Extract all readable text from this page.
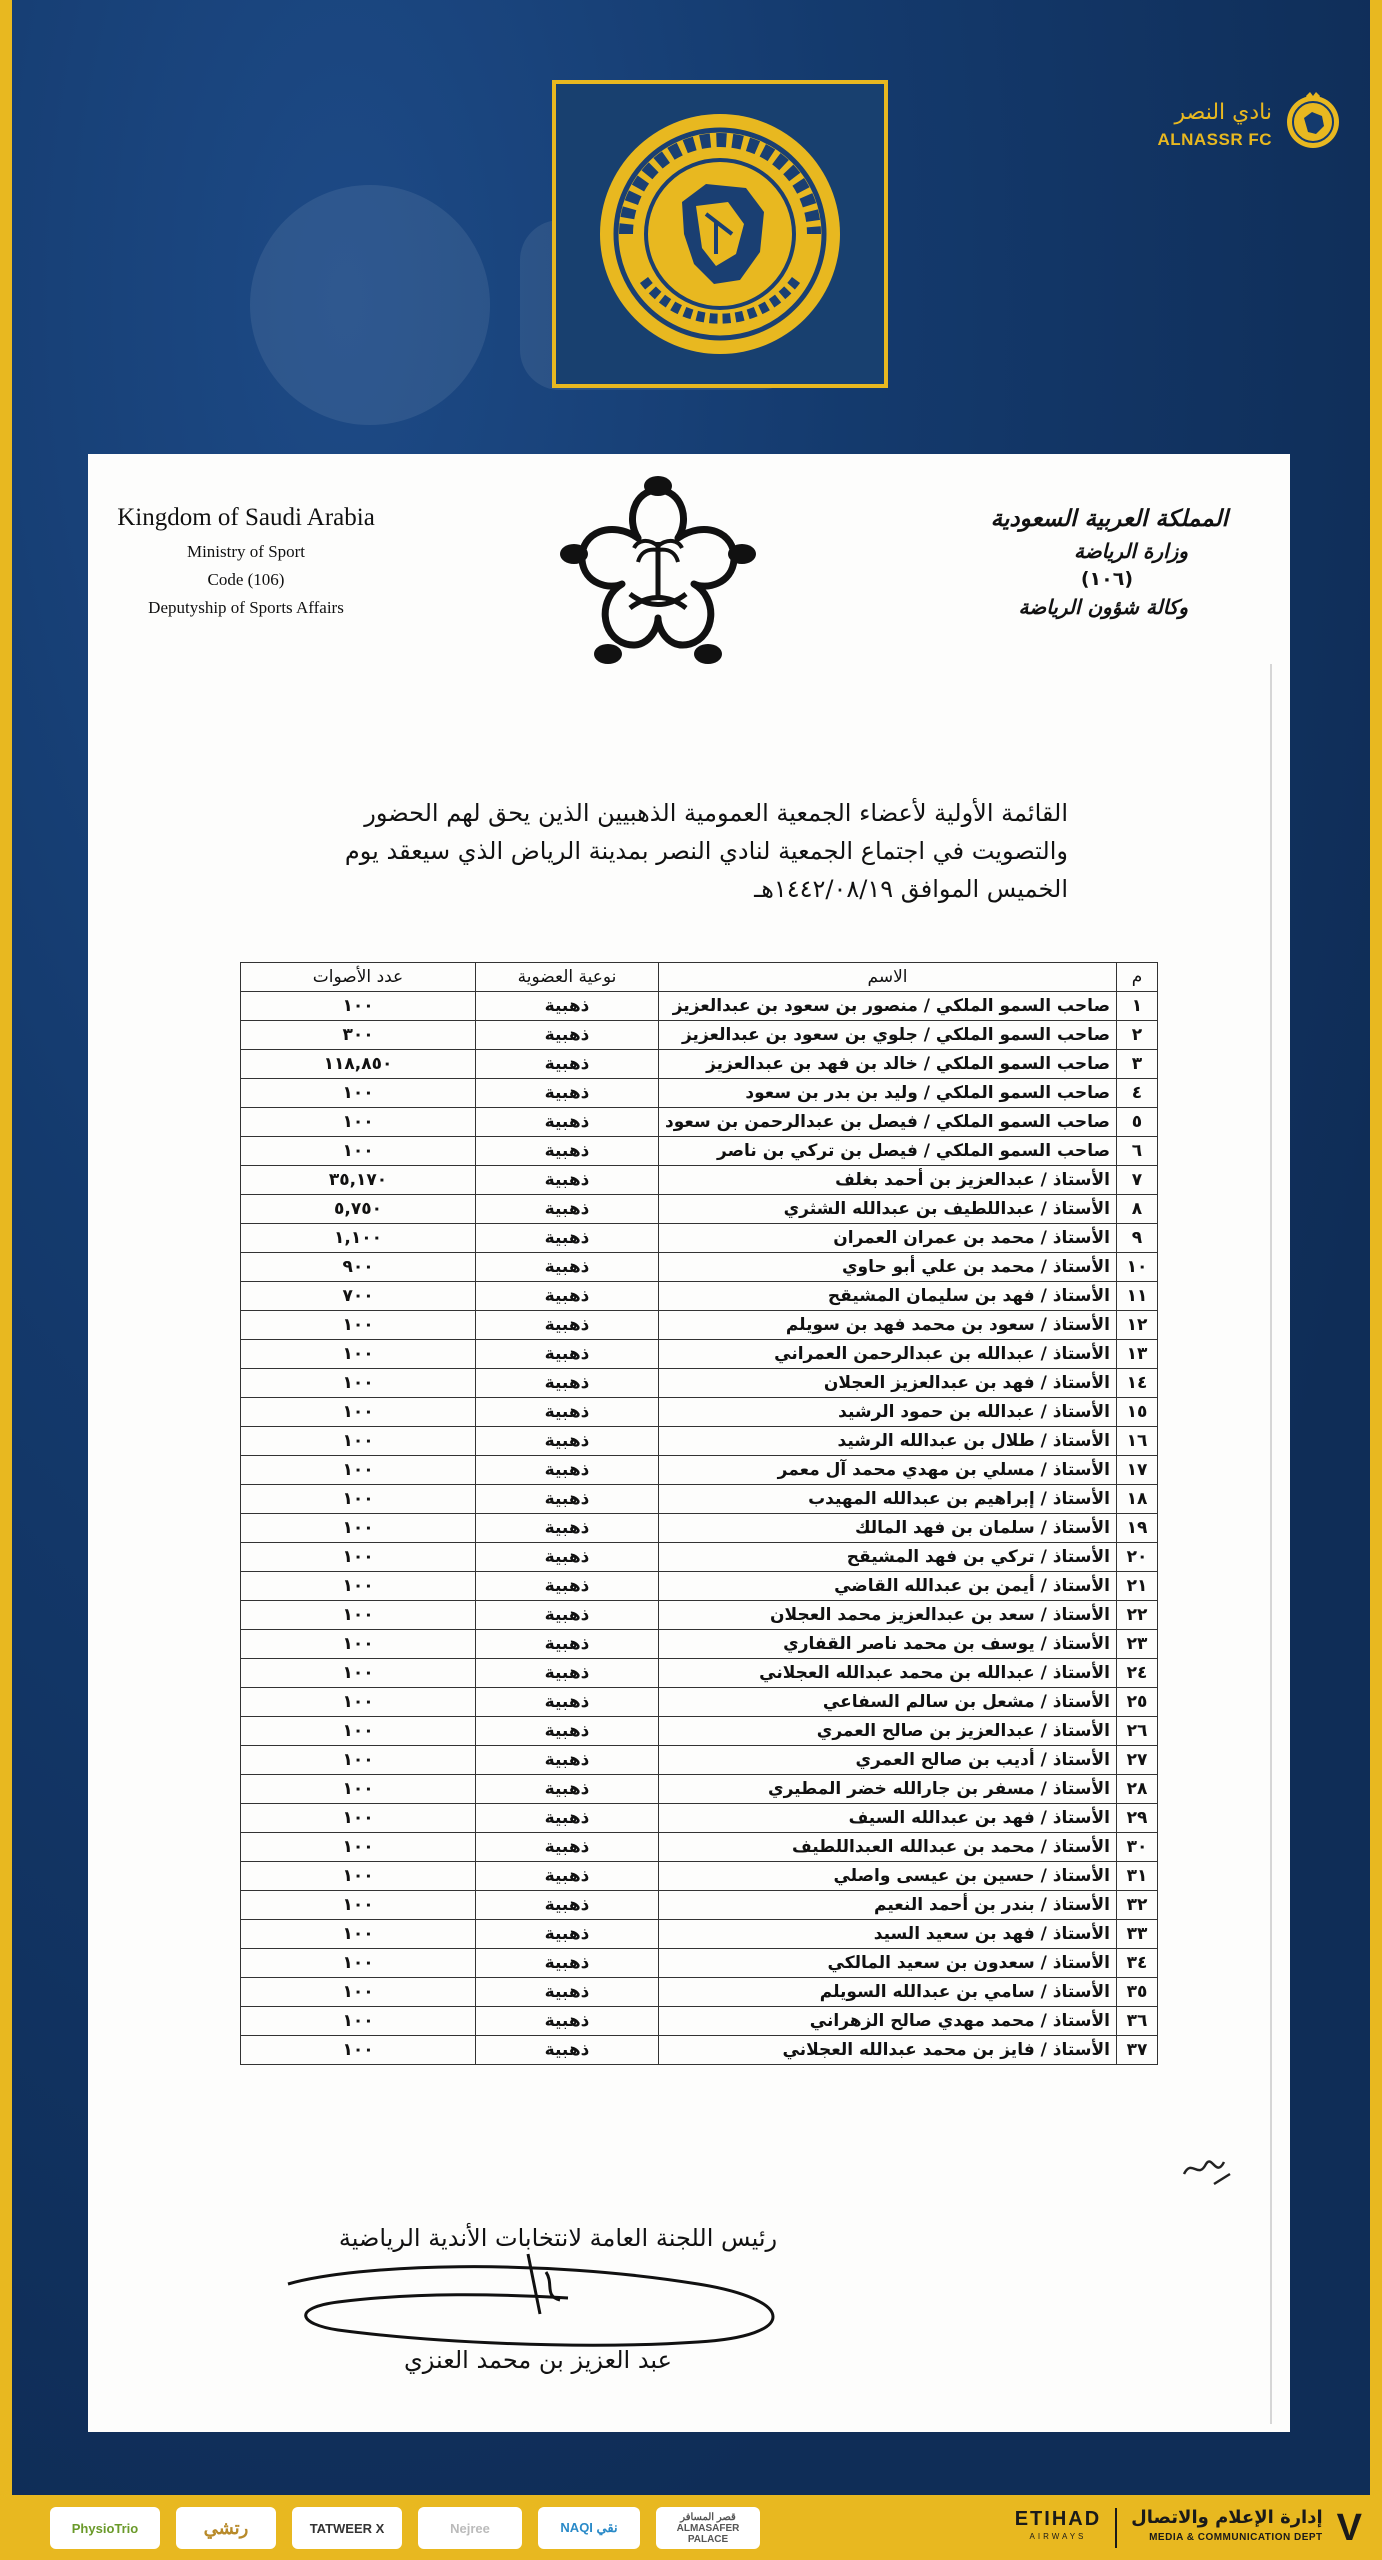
نادي النصر
ALNASSR FC
Kingdom of Saudi Arabia
Ministry of Sport
Code (106)
Deputyship of Sports Affairs
المملكة العربية السعودية
وزارة الرياضة
(١٠٦)
وكالة شؤون الرياضة
القائمة الأولية لأعضاء الجمعية العمومية الذهبيين الذين يحق لهم الحضور
والتصويت في اجتماع الجمعية لنادي النصر بمدينة الرياض الذي سيعقد يوم
الخميس الموافق ١٤٤٢/٠٨/١٩هـ
م	الاسم	نوعية العضوية	عدد الأصوات
١	صاحب السمو الملكي / منصور بن سعود بن عبدالعزيز	ذهبية	١٠٠
٢	صاحب السمو الملكي / جلوي بن سعود بن عبدالعزيز	ذهبية	٣٠٠
٣	صاحب السمو الملكي / خالد بن فهد بن عبدالعزيز	ذهبية	١١٨,٨٥٠
٤	صاحب السمو الملكي / وليد بن بدر بن سعود	ذهبية	١٠٠
٥	صاحب السمو الملكي / فيصل بن عبدالرحمن بن سعود	ذهبية	١٠٠
٦	صاحب السمو الملكي / فيصل بن تركي بن ناصر	ذهبية	١٠٠
٧	الأستاذ / عبدالعزيز بن أحمد بغلف	ذهبية	٣٥,١٧٠
٨	الأستاذ / عبداللطيف بن عبدالله الشثري	ذهبية	٥,٧٥٠
٩	الأستاذ / محمد بن عمران العمران	ذهبية	١,١٠٠
١٠	الأستاذ / محمد بن علي أبو حاوي	ذهبية	٩٠٠
١١	الأستاذ / فهد بن سليمان المشيقح	ذهبية	٧٠٠
١٢	الأستاذ / سعود بن محمد فهد بن سويلم	ذهبية	١٠٠
١٣	الأستاذ / عبدالله بن عبدالرحمن العمراني	ذهبية	١٠٠
١٤	الأستاذ / فهد بن عبدالعزيز العجلان	ذهبية	١٠٠
١٥	الأستاذ / عبدالله بن حمود الرشيد	ذهبية	١٠٠
١٦	الأستاذ / طلال بن عبدالله الرشيد	ذهبية	١٠٠
١٧	الأستاذ / مسلي بن مهدي محمد آل معمر	ذهبية	١٠٠
١٨	الأستاذ / إبراهيم بن عبدالله المهيدب	ذهبية	١٠٠
١٩	الأستاذ / سلمان بن فهد المالك	ذهبية	١٠٠
٢٠	الأستاذ / تركي بن فهد المشيقح	ذهبية	١٠٠
٢١	الأستاذ / أيمن بن عبدالله القاضي	ذهبية	١٠٠
٢٢	الأستاذ / سعد بن عبدالعزيز محمد العجلان	ذهبية	١٠٠
٢٣	الأستاذ / يوسف بن محمد ناصر القفاري	ذهبية	١٠٠
٢٤	الأستاذ / عبدالله بن محمد عبدالله العجلاني	ذهبية	١٠٠
٢٥	الأستاذ / مشعل بن سالم السفاعي	ذهبية	١٠٠
٢٦	الأستاذ / عبدالعزيز بن صالح العمري	ذهبية	١٠٠
٢٧	الأستاذ / أديب بن صالح العمري	ذهبية	١٠٠
٢٨	الأستاذ / مسفر بن جارالله خضر المطيري	ذهبية	١٠٠
٢٩	الأستاذ / فهد بن عبدالله السيف	ذهبية	١٠٠
٣٠	الأستاذ / محمد بن عبدالله العبداللطيف	ذهبية	١٠٠
٣١	الأستاذ / حسين بن عيسى واصلي	ذهبية	١٠٠
٣٢	الأستاذ / بندر بن أحمد النعيم	ذهبية	١٠٠
٣٣	الأستاذ / فهد بن سعيد السيد	ذهبية	١٠٠
٣٤	الأستاذ / سعدون بن سعيد المالكي	ذهبية	١٠٠
٣٥	الأستاذ / سامي بن عبدالله السويلم	ذهبية	١٠٠
٣٦	الأستاذ / محمد مهدي صالح الزهراني	ذهبية	١٠٠
٣٧	الأستاذ / فايز بن محمد عبدالله العجلاني	ذهبية	١٠٠
رئيس اللجنة العامة لانتخابات الأندية الرياضية
عبد العزيز بن محمد العنزي
PhysioTrio	رتشي	TATWEER X	Nejree	NAQI نقي
قصر المسافر ALMASAFER PALACE
ETIHAD
AIRWAYS
إدارة الإعلام والاتصال
MEDIA & COMMUNICATION DEPT V
